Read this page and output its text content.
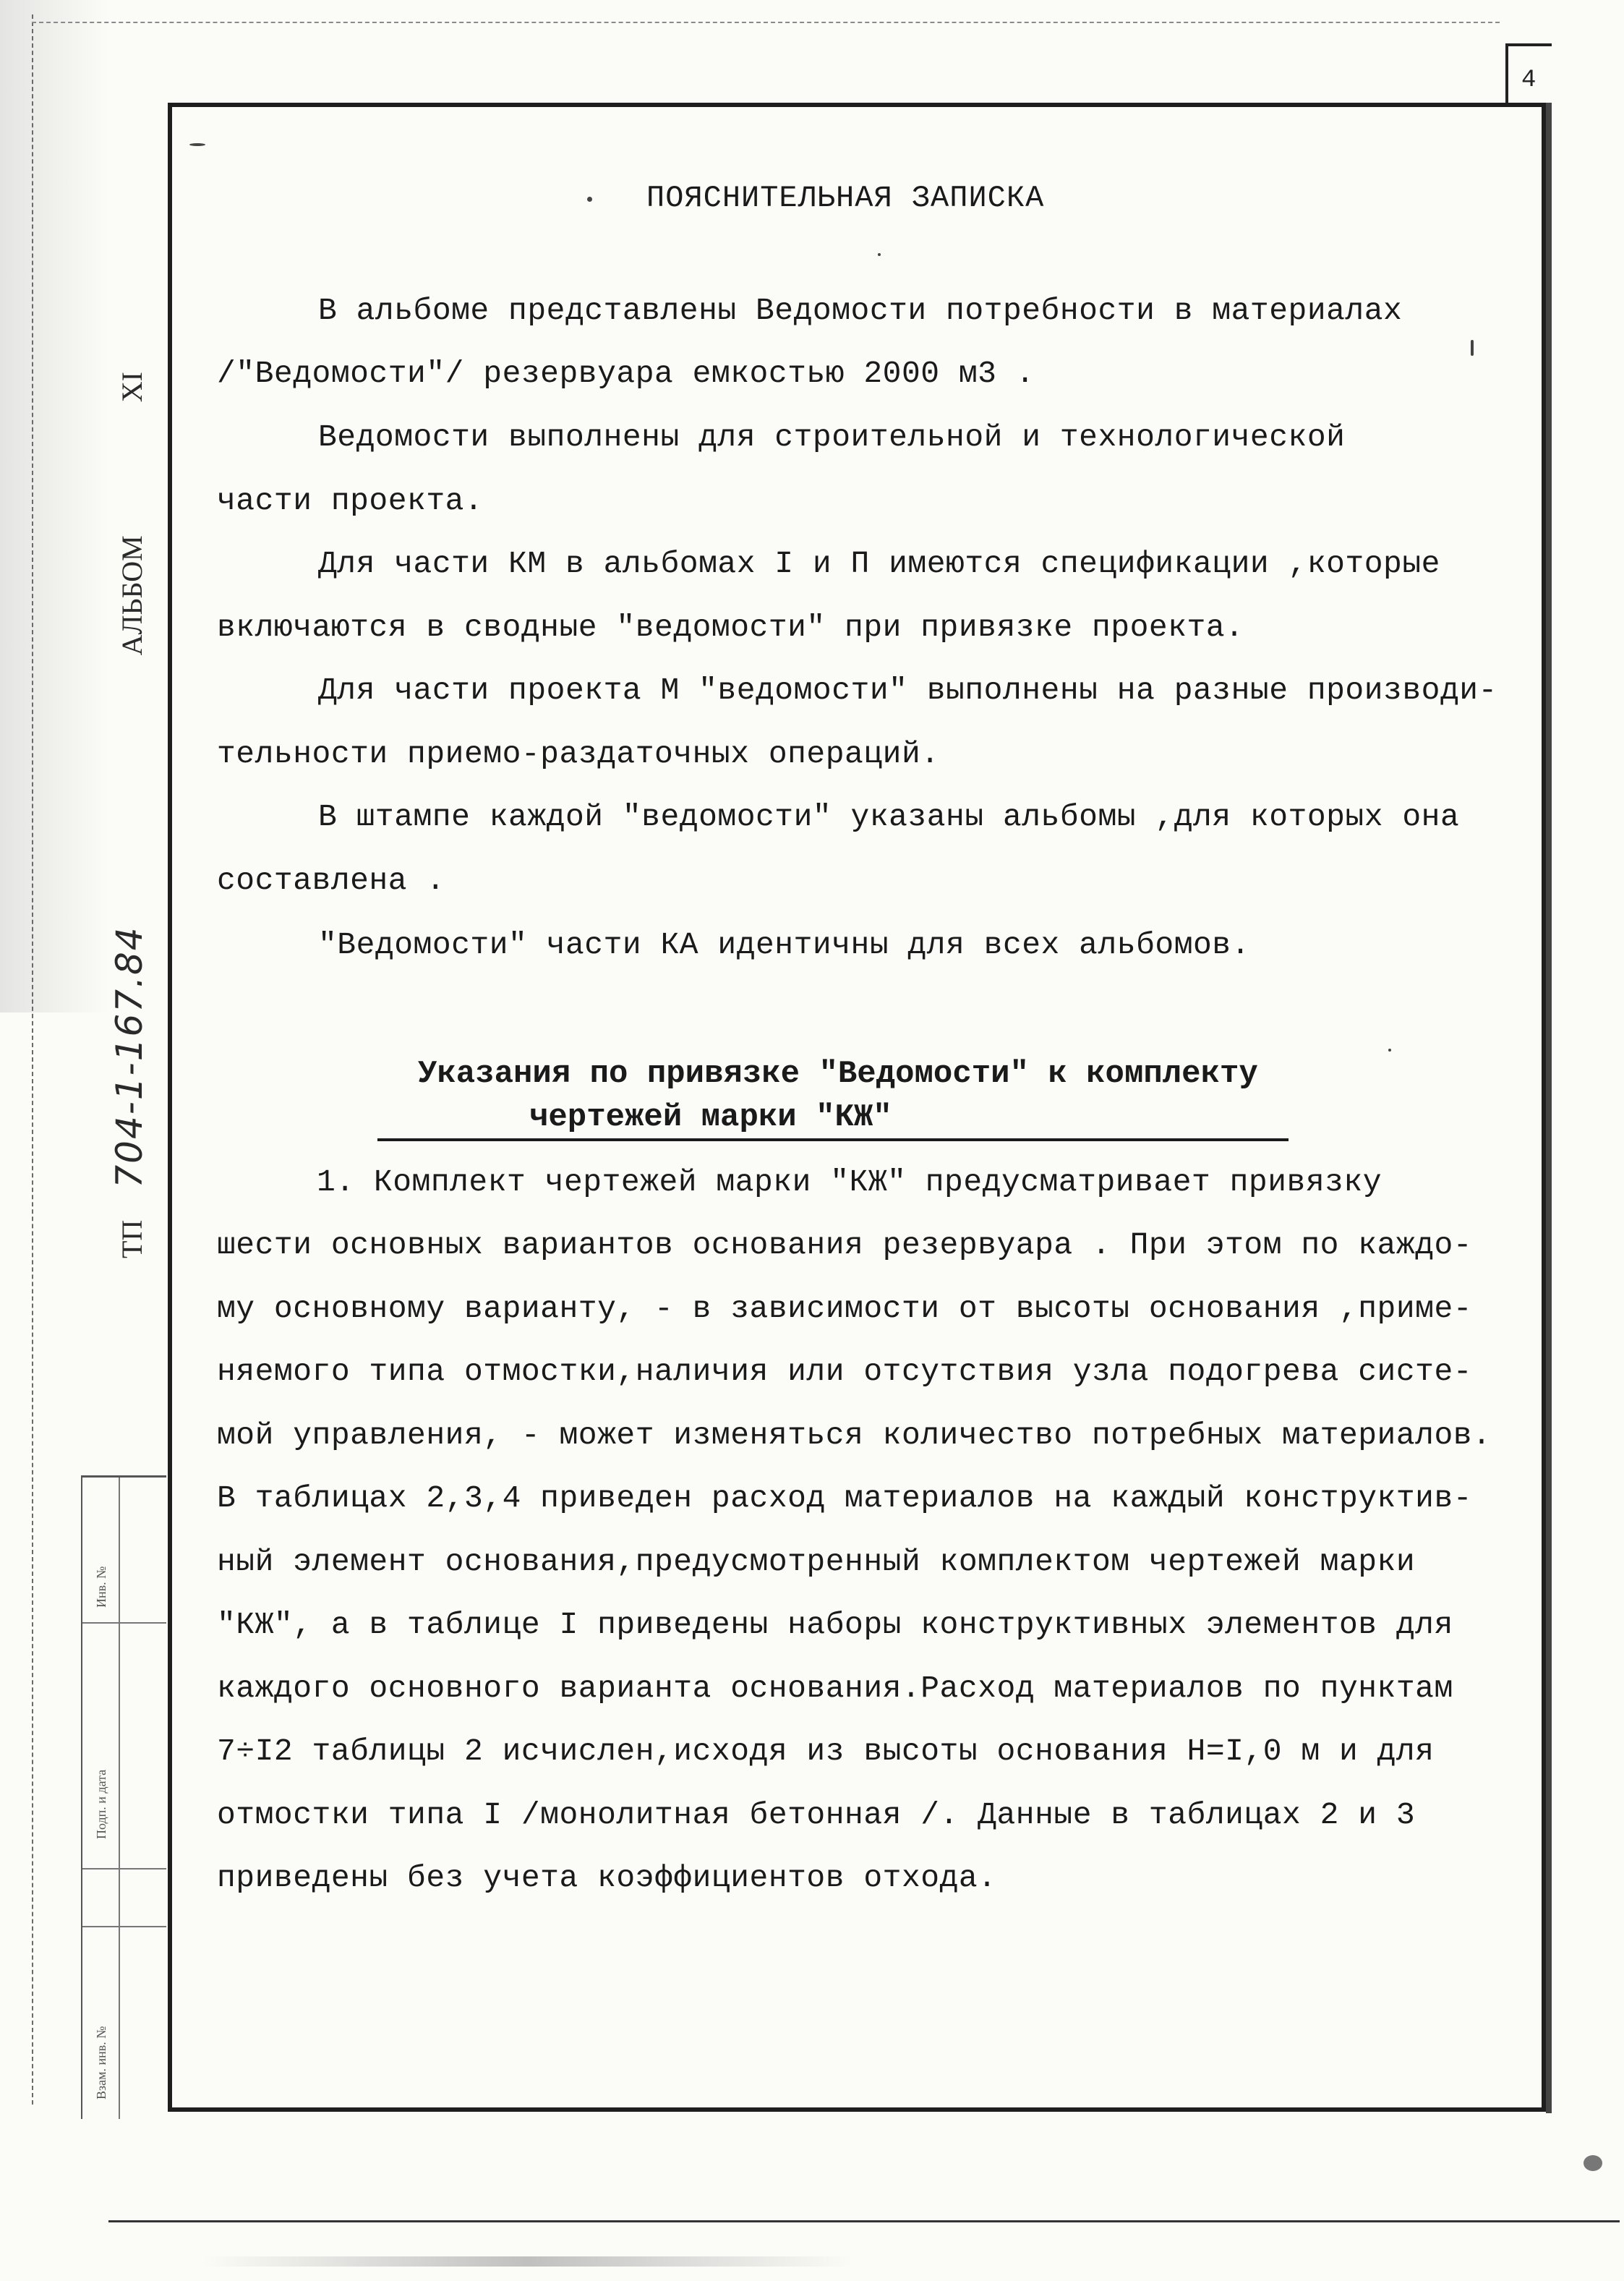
4
ТП
704-1-167.84
АЛЬБОМ
XI
Инв. №
Подп. и дата
Взам. инв. №
ПОЯСНИТЕЛЬНАЯ ЗАПИСКА
В альбоме представлены Ведомости потребности в материалах
/"Ведомости"/ резервуара емкостью 2000 м3 .
Ведомости выполнены для строительной и технологической
части проекта.
Для части КМ в альбомах I и П имеются спецификации ,которые
включаются в сводные "ведомости" при привязке проекта.
Для части проекта М "ведомости" выполнены на разные производи-
тельности приемо-раздаточных операций.
В штампе каждой "ведомости" указаны альбомы ,для которых она
составлена .
"Ведомости" части КА идентичны для всех альбомов.
Указания по привязке "Ведомости" к комплекту
чертежей марки "КЖ"
1. Комплект чертежей марки "КЖ" предусматривает привязку
шести основных вариантов основания резервуара . При этом по каждо-
му основному варианту, - в зависимости от высоты основания ,приме-
няемого типа отмостки,наличия или отсутствия узла подогрева систе-
мой управления, - может изменяться количество потребных материалов.
В таблицах 2,3,4 приведен расход материалов на каждый конструктив-
ный элемент основания,предусмотренный комплектом чертежей марки
"КЖ", а в таблице I приведены наборы конструктивных элементов для
каждого основного варианта основания.Расход материалов по пунктам
7÷I2 таблицы 2 исчислен,исходя из высоты основания Н=I,0 м и для
отмостки типа I /монолитная бетонная /. Данные в таблицах 2 и 3
приведены без учета коэффициентов отхода.
